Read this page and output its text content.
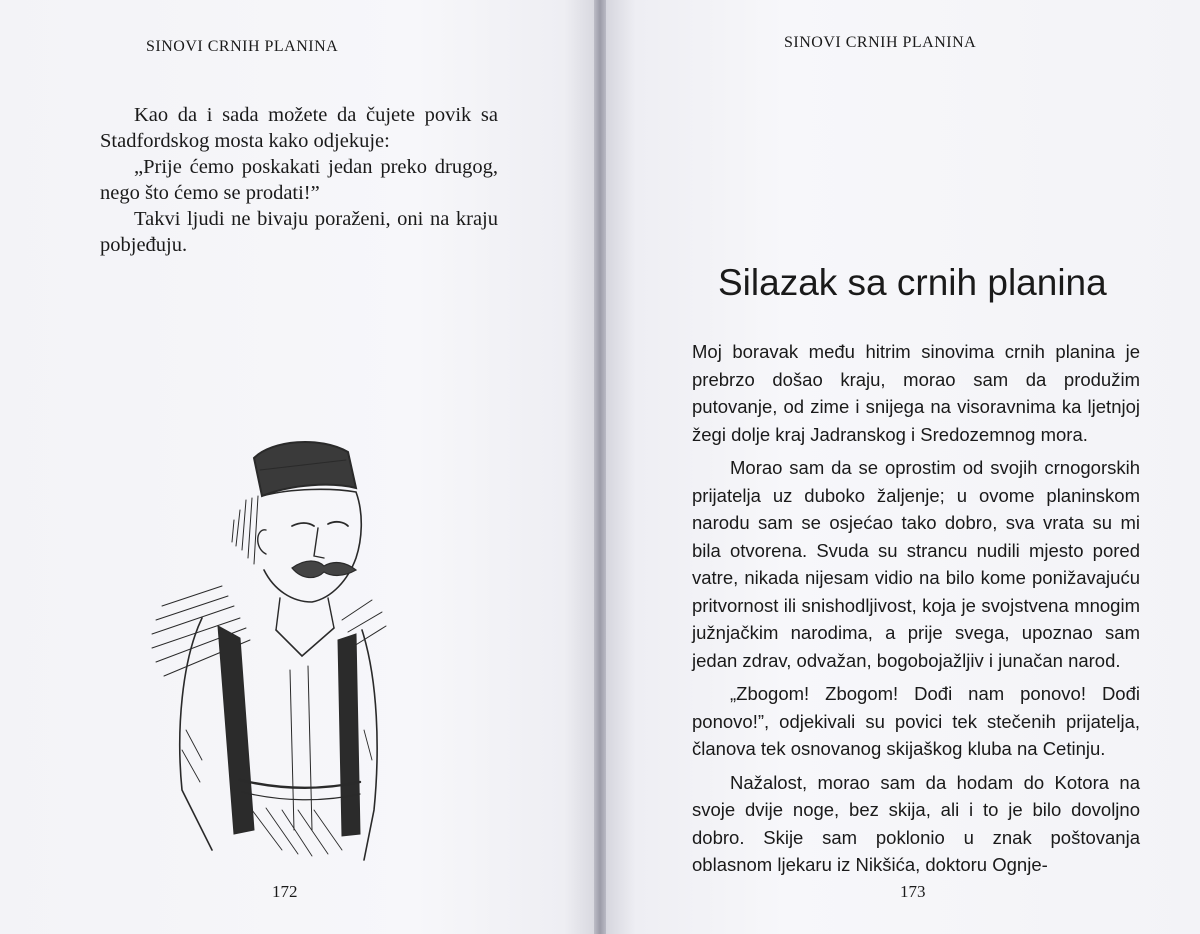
SINOVI CRNIH PLANINA

Kao da i sada možete da čujete povik sa Stadfordskog mosta kako odjekuje:

„Prije ćemo poskakati jedan preko drugog, nego što ćemo se prodati!”

Takvi ljudi ne bivaju poraženi, oni na kraju pobjeđuju.

172
SINOVI CRNIH PLANINA
Silazak sa crnih planina

Moj boravak među hitrim sinovima crnih planina je prebrzo došao kraju, morao sam da produžim putovanje, od zime i snijega na visoravnima ka ljetnjoj žegi dolje kraj Jadranskog i Sredozemnog mora.

Morao sam da se oprostim od svojih crnogorskih prijatelja uz duboko žaljenje; u ovome planinskom narodu sam se osjećao tako dobro, sva vrata su mi bila otvorena. Svuda su strancu nudili mjesto pored vatre, nikada nijesam vidio na bilo kome ponižavajuću pritvornost ili snishodljivost, koja je svojstvena mnogim južnjačkim narodima, a prije svega, upoznao sam jedan zdrav, odvažan, bogobojažljiv i junačan narod.

„Zbogom! Zbogom! Dođi nam ponovo! Dođi ponovo!”, odjekivali su povici tek stečenih prijatelja, članova tek osnovanog skijaškog kluba na Cetinju.

Nažalost, morao sam da hodam do Kotora na svoje dvije noge, bez skija, ali i to je bilo dovoljno dobro. Skije sam poklonio u znak poštovanja oblasnom ljekaru iz Nikšića, doktoru Ognje-

173
